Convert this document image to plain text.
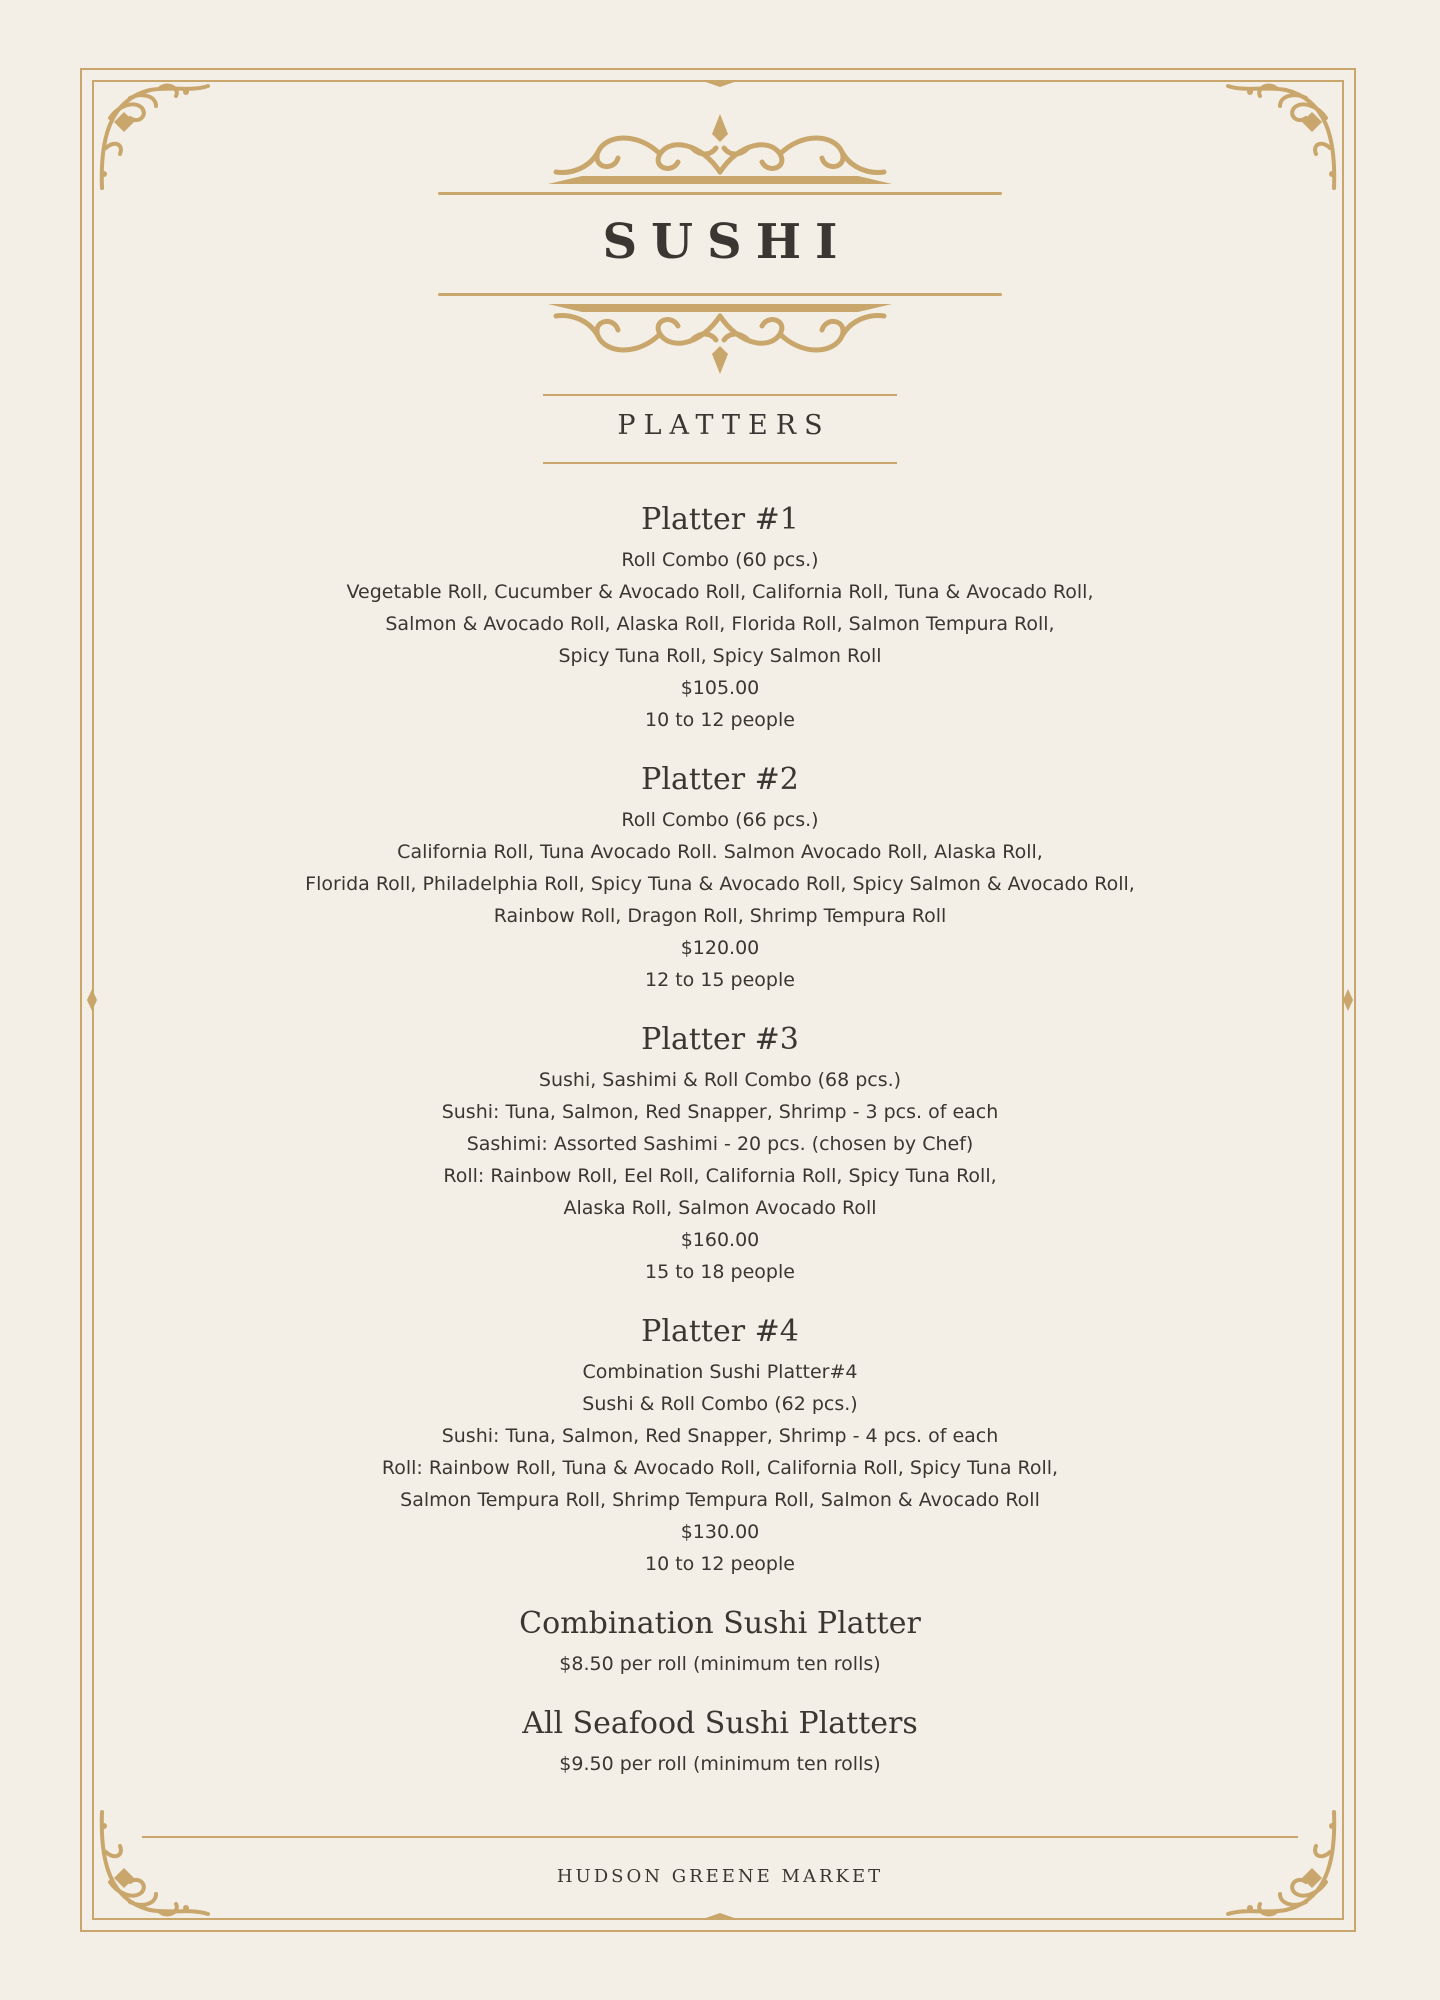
SUSHI
PLATTERS
Platter #1
Roll Combo (60 pcs.)
Vegetable Roll, Cucumber & Avocado Roll, California Roll, Tuna & Avocado Roll,
Salmon & Avocado Roll, Alaska Roll, Florida Roll, Salmon Tempura Roll,
Spicy Tuna Roll, Spicy Salmon Roll
$105.00
10 to 12 people
Platter #2
Roll Combo (66 pcs.)
California Roll, Tuna Avocado Roll. Salmon Avocado Roll, Alaska Roll,
Florida Roll, Philadelphia Roll, Spicy Tuna & Avocado Roll, Spicy Salmon & Avocado Roll,
Rainbow Roll, Dragon Roll, Shrimp Tempura Roll
$120.00
12 to 15 people
Platter #3
Sushi, Sashimi & Roll Combo (68 pcs.)
Sushi: Tuna, Salmon, Red Snapper, Shrimp - 3 pcs. of each
Sashimi: Assorted Sashimi - 20 pcs. (chosen by Chef)
Roll: Rainbow Roll, Eel Roll, California Roll, Spicy Tuna Roll,
Alaska Roll, Salmon Avocado Roll
$160.00
15 to 18 people
Platter #4
Combination Sushi Platter#4
Sushi & Roll Combo (62 pcs.)
Sushi: Tuna, Salmon, Red Snapper, Shrimp - 4 pcs. of each
Roll: Rainbow Roll, Tuna & Avocado Roll, California Roll, Spicy Tuna Roll,
Salmon Tempura Roll, Shrimp Tempura Roll, Salmon & Avocado Roll
$130.00
10 to 12 people
Combination Sushi Platter
$8.50 per roll (minimum ten rolls)
All Seafood Sushi Platters
$9.50 per roll (minimum ten rolls)
HUDSON GREENE MARKET
